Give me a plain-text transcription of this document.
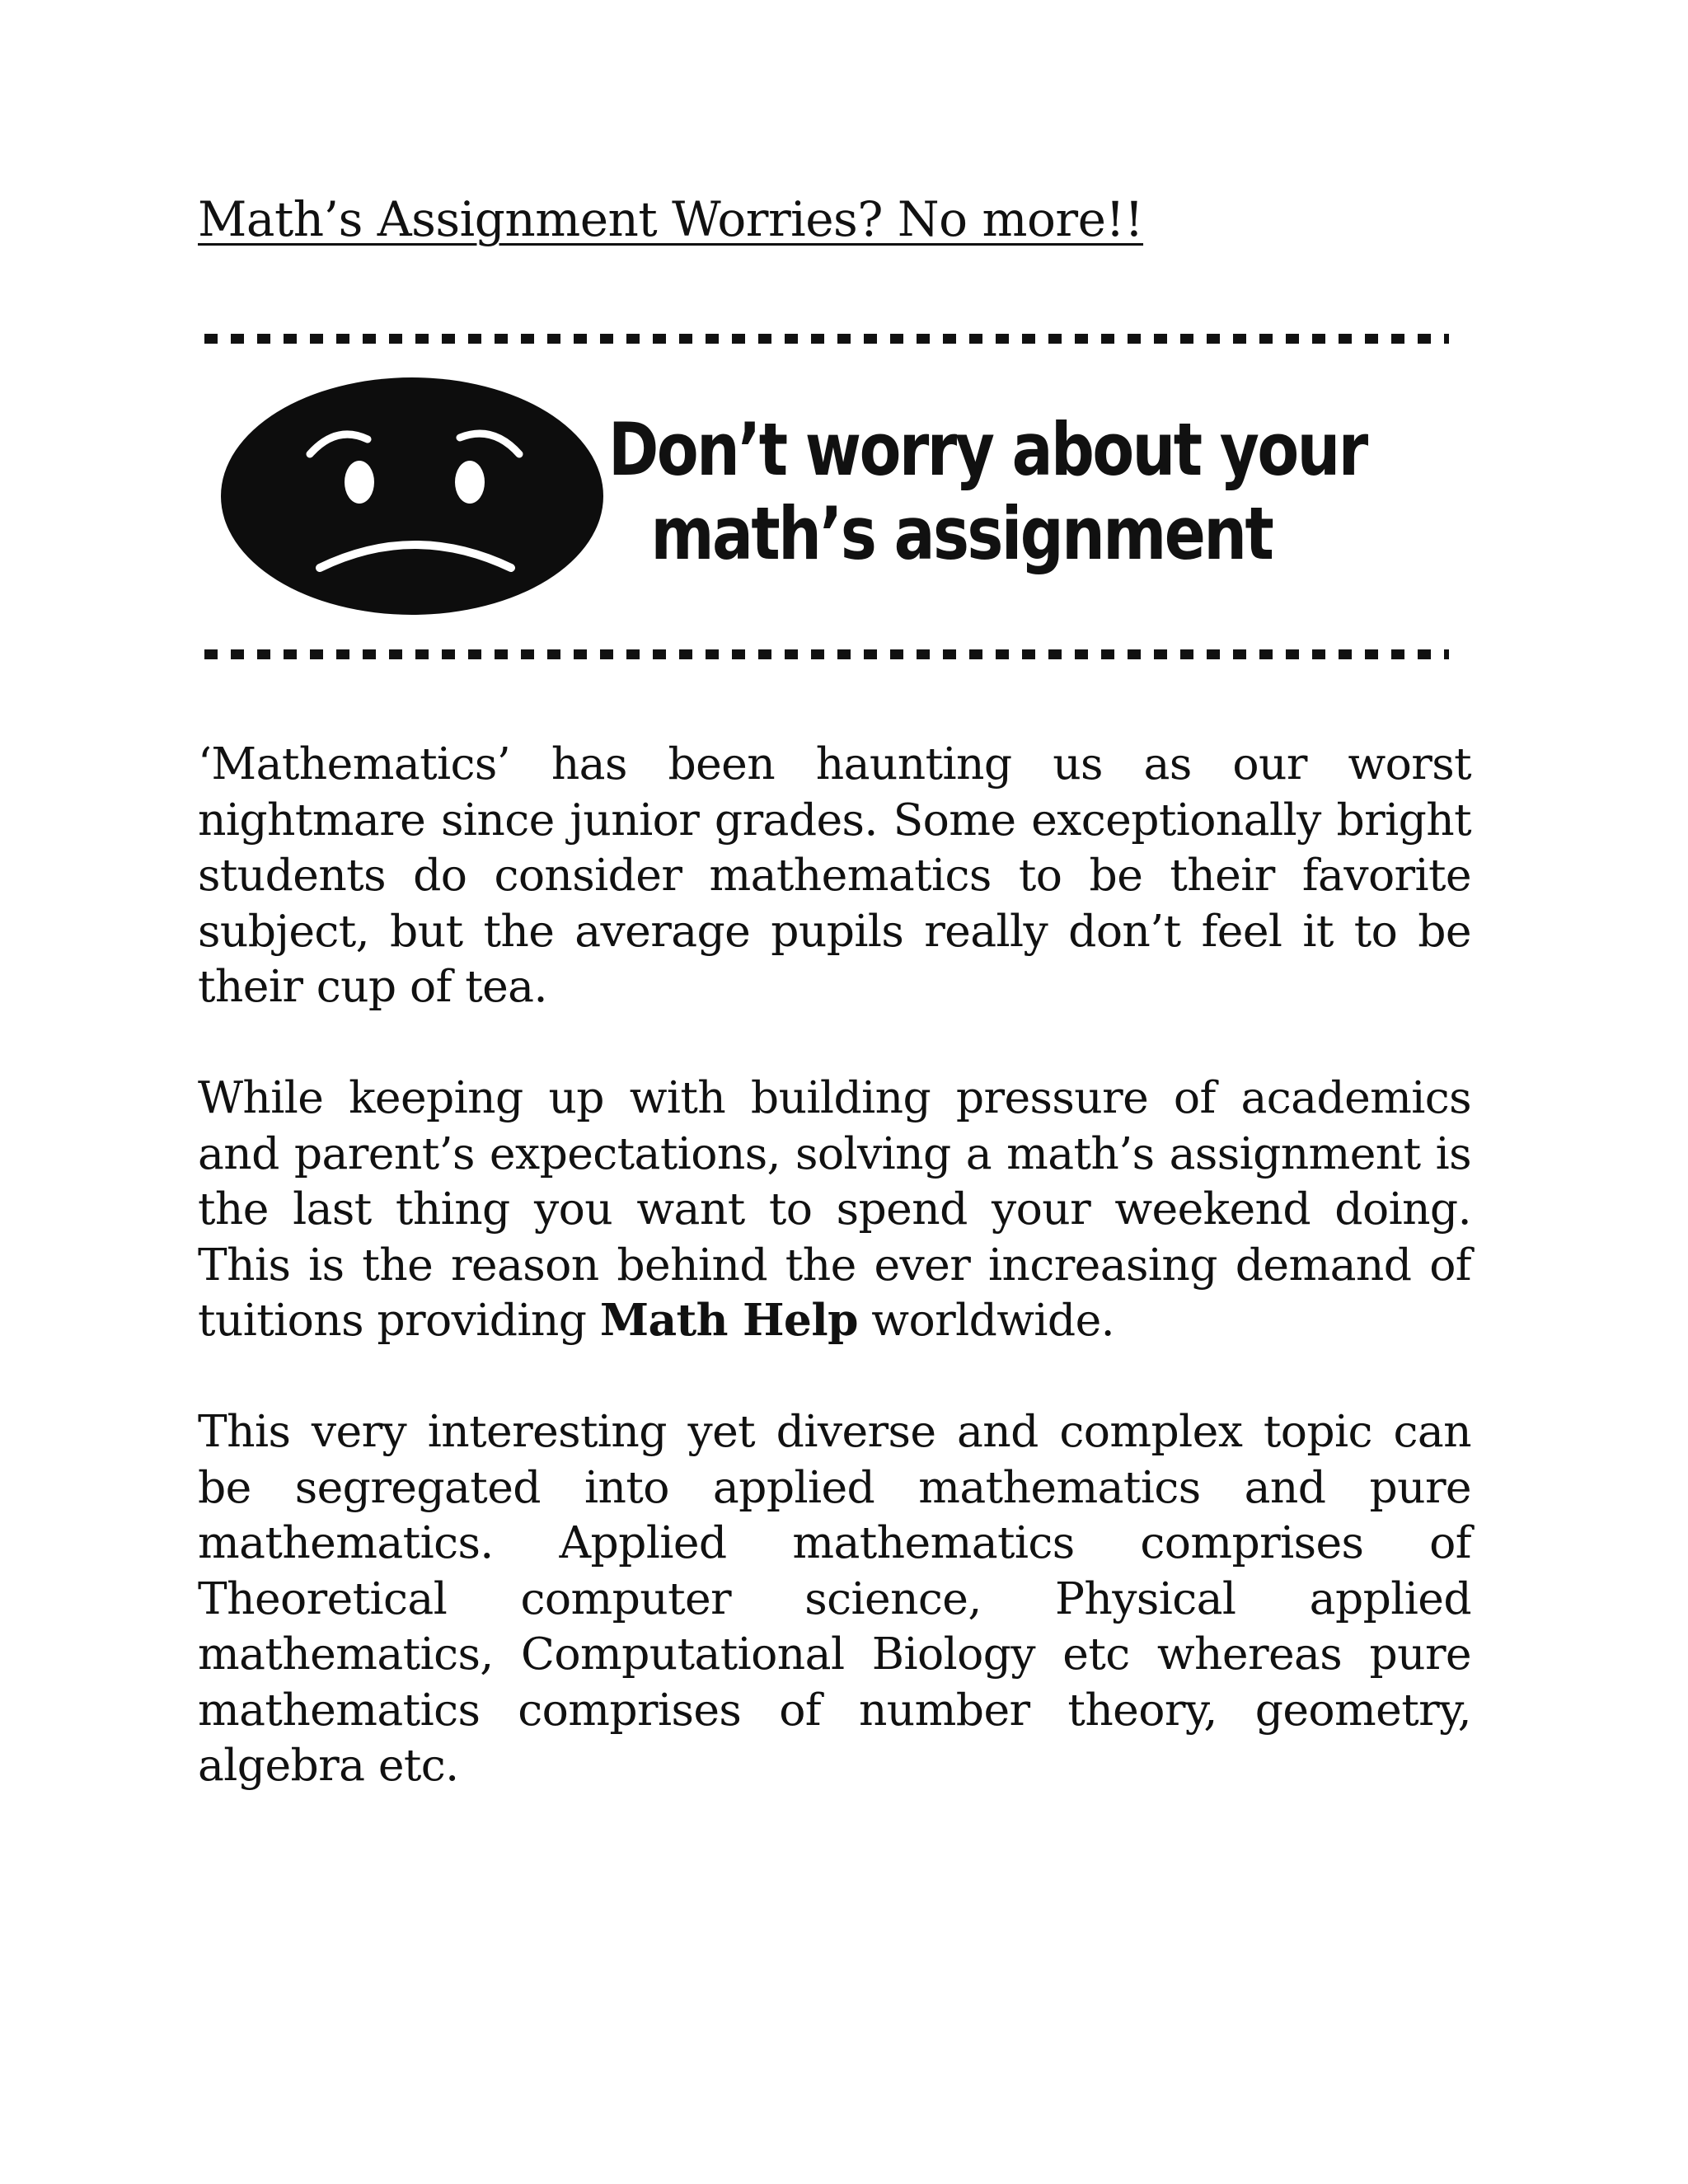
Math’s Assignment Worries? No more!!
Don’t worry about your
math’s assignment

‘Mathematics’ has been haunting us as our worst nightmare since junior grades. Some exceptionally bright students do consider mathematics to be their favorite subject, but the average pupils really don’t feel it to be their cup of tea.

While keeping up with building pressure of academics and parent’s expectations, solving a math’s assignment is the last thing you want to spend your weekend doing. This is the reason behind the ever increasing demand of tuitions providing Math Help worldwide.

This very interesting yet diverse and complex topic can be segregated into applied mathematics and pure mathematics. Applied mathematics comprises of Theoretical computer science, Physical applied mathematics, Computational Biology etc whereas pure mathematics comprises of number theory, geometry, algebra etc.
